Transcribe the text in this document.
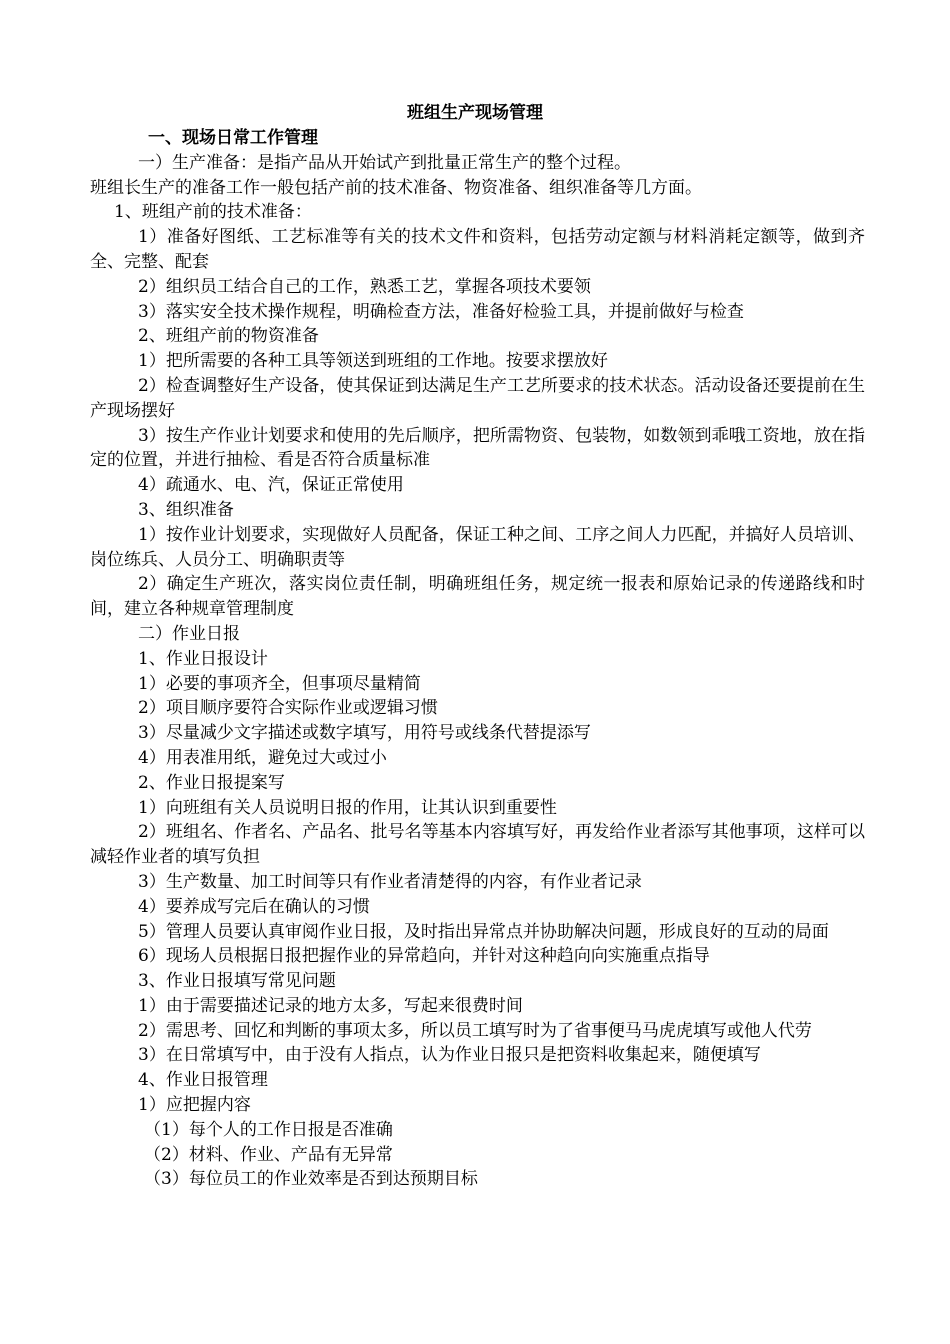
班组生产现场管理

一、现场日常工作管理

一）生产准备：是指产品从开始试产到批量正常生产的整个过程。

班组长生产的准备工作一般包括产前的技术准备、物资准备、组织准备等几方面。

1、班组产前的技术准备：

1）准备好图纸、工艺标准等有关的技术文件和资料，包括劳动定额与材料消耗定额等，做到齐全、完整、配套

2）组织员工结合自己的工作，熟悉工艺，掌握各项技术要领

3）落实安全技术操作规程，明确检查方法，准备好检验工具，并提前做好与检查

2、班组产前的物资准备

1）把所需要的各种工具等领送到班组的工作地。按要求摆放好

2）检查调整好生产设备，使其保证到达满足生产工艺所要求的技术状态。活动设备还要提前在生产现场摆好

3）按生产作业计划要求和使用的先后顺序，把所需物资、包装物，如数领到乖哦工资地，放在指定的位置，并进行抽检、看是否符合质量标准

4）疏通水、电、汽，保证正常使用

3、组织准备

1）按作业计划要求，实现做好人员配备，保证工种之间、工序之间人力匹配，并搞好人员培训、岗位练兵、人员分工、明确职责等

2）确定生产班次，落实岗位责任制，明确班组任务，规定统一报表和原始记录的传递路线和时间，建立各种规章管理制度

二）作业日报

1、作业日报设计

1）必要的事项齐全，但事项尽量精简

2）项目顺序要符合实际作业或逻辑习惯

3）尽量减少文字描述或数字填写，用符号或线条代替提添写

4）用表准用纸，避免过大或过小

2、作业日报提案写

1）向班组有关人员说明日报的作用，让其认识到重要性

2）班组名、作者名、产品名、批号名等基本内容填写好，再发给作业者添写其他事项，这样可以减轻作业者的填写负担

3）生产数量、加工时间等只有作业者清楚得的内容，有作业者记录

4）要养成写完后在确认的习惯

5）管理人员要认真审阅作业日报，及时指出异常点并协助解决问题，形成良好的互动的局面

6）现场人员根据日报把握作业的异常趋向，并针对这种趋向向实施重点指导

3、作业日报填写常见问题

1）由于需要描述记录的地方太多，写起来很费时间

2）需思考、回忆和判断的事项太多，所以员工填写时为了省事便马马虎虎填写或他人代劳

3）在日常填写中，由于没有人指点，认为作业日报只是把资料收集起来，随便填写

4、作业日报管理

1）应把握内容

（1）每个人的工作日报是否准确

（2）材料、作业、产品有无异常

（3）每位员工的作业效率是否到达预期目标
